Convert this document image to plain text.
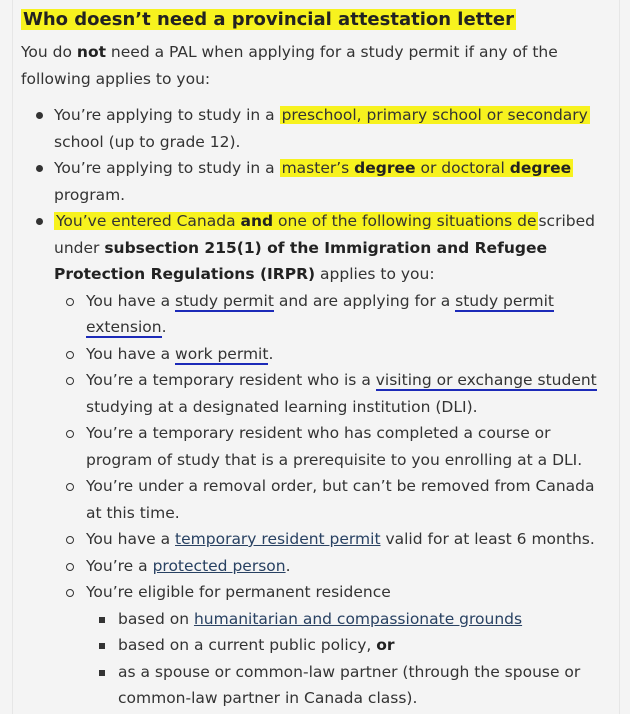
Who doesn’t need a provincial attestation letter

You do not need a PAL when applying for a study permit if any of the following applies to you:

You’re applying to study in a preschool, primary school or secondary school (up to grade 12).
You’re applying to study in a master’s degree or doctoral degree program.
You’ve entered Canada and one of the following situations de scribed under subsection 215(1) of the Immigration and Refugee Protection Regulations (IRPR) applies to you:
You have a study permit and are applying for a study permit extension.
You have a work permit.
You’re a temporary resident who is a visiting or exchange student studying at a designated learning institution (DLI).
You’re a temporary resident who has completed a course or program of study that is a prerequisite to you enrolling at a DLI.
You’re under a removal order, but can’t be removed from Canada at this time.
You have a temporary resident permit valid for at least 6 months.
You’re a protected person.
You’re eligible for permanent residence
based on humanitarian and compassionate grounds
based on a current public policy, or
as a spouse or common-law partner (through the spouse or common-law partner in Canada class).
